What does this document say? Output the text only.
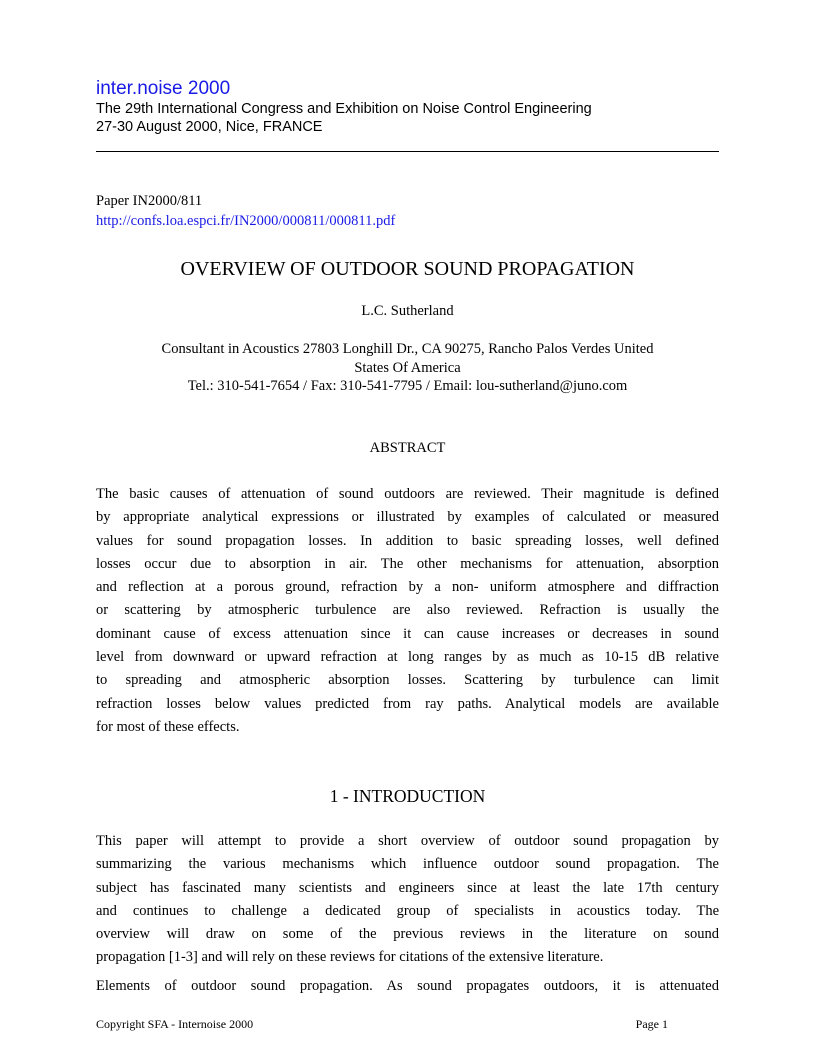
inter.noise 2000
The 29th International Congress and Exhibition on Noise Control Engineering
27-30 August 2000, Nice, FRANCE
Paper IN2000/811
http://confs.loa.espci.fr/IN2000/000811/000811.pdf
OVERVIEW OF OUTDOOR SOUND PROPAGATION
L.C. Sutherland
Consultant in Acoustics 27803 Longhill Dr., CA 90275, Rancho Palos Verdes United
States Of America
Tel.: 310-541-7654 / Fax: 310-541-7795 / Email: lou-sutherland@juno.com
ABSTRACT
The basic causes of attenuation of sound outdoors are reviewed. Their magnitude is defined
by appropriate analytical expressions or illustrated by examples of calculated or measured
values for sound propagation losses. In addition to basic spreading losses, well defined
losses occur due to absorption in air. The other mechanisms for attenuation, absorption
and reflection at a porous ground, refraction by a non- uniform atmosphere and diffraction
or scattering by atmospheric turbulence are also reviewed. Refraction is usually the
dominant cause of excess attenuation since it can cause increases or decreases in sound
level from downward or upward refraction at long ranges by as much as 10-15 dB relative
to spreading and atmospheric absorption losses. Scattering by turbulence can limit
refraction losses below values predicted from ray paths. Analytical models are available
for most of these effects.
1 - INTRODUCTION
This paper will attempt to provide a short overview of outdoor sound propagation by
summarizing the various mechanisms which influence outdoor sound propagation. The
subject has fascinated many scientists and engineers since at least the late 17th century
and continues to challenge a dedicated group of specialists in acoustics today. The
overview will draw on some of the previous reviews in the literature on sound
propagation [1-3] and will rely on these reviews for citations of the extensive literature.
Elements of outdoor sound propagation. As sound propagates outdoors, it is attenuated
Copyright SFA - Internoise 2000	Page 1
